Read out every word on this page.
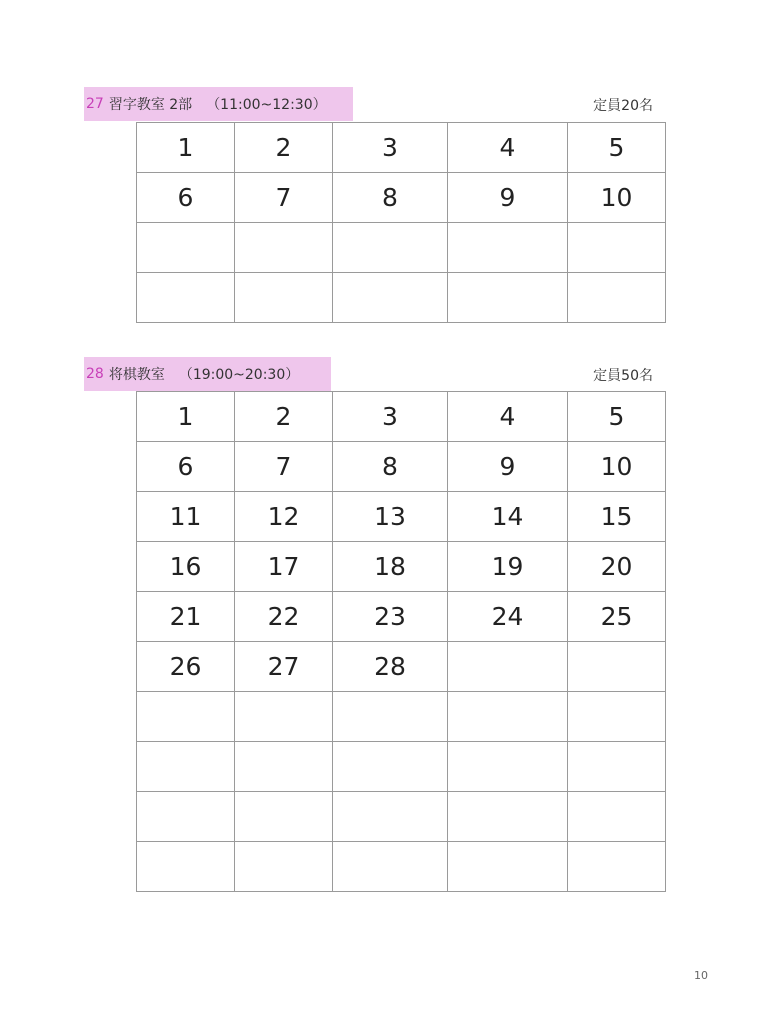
27 習字教室 2部 （11:00~12:30）	定員20名
1	2	3	4	5
6	7	8	9	10

28 将棋教室 （19:00~20:30）	定員50名
1	2	3	4	5
6	7	8	9	10
11	12	13	14	15
16	17	18	19	20
21	22	23	24	25
26	27	28		

10
